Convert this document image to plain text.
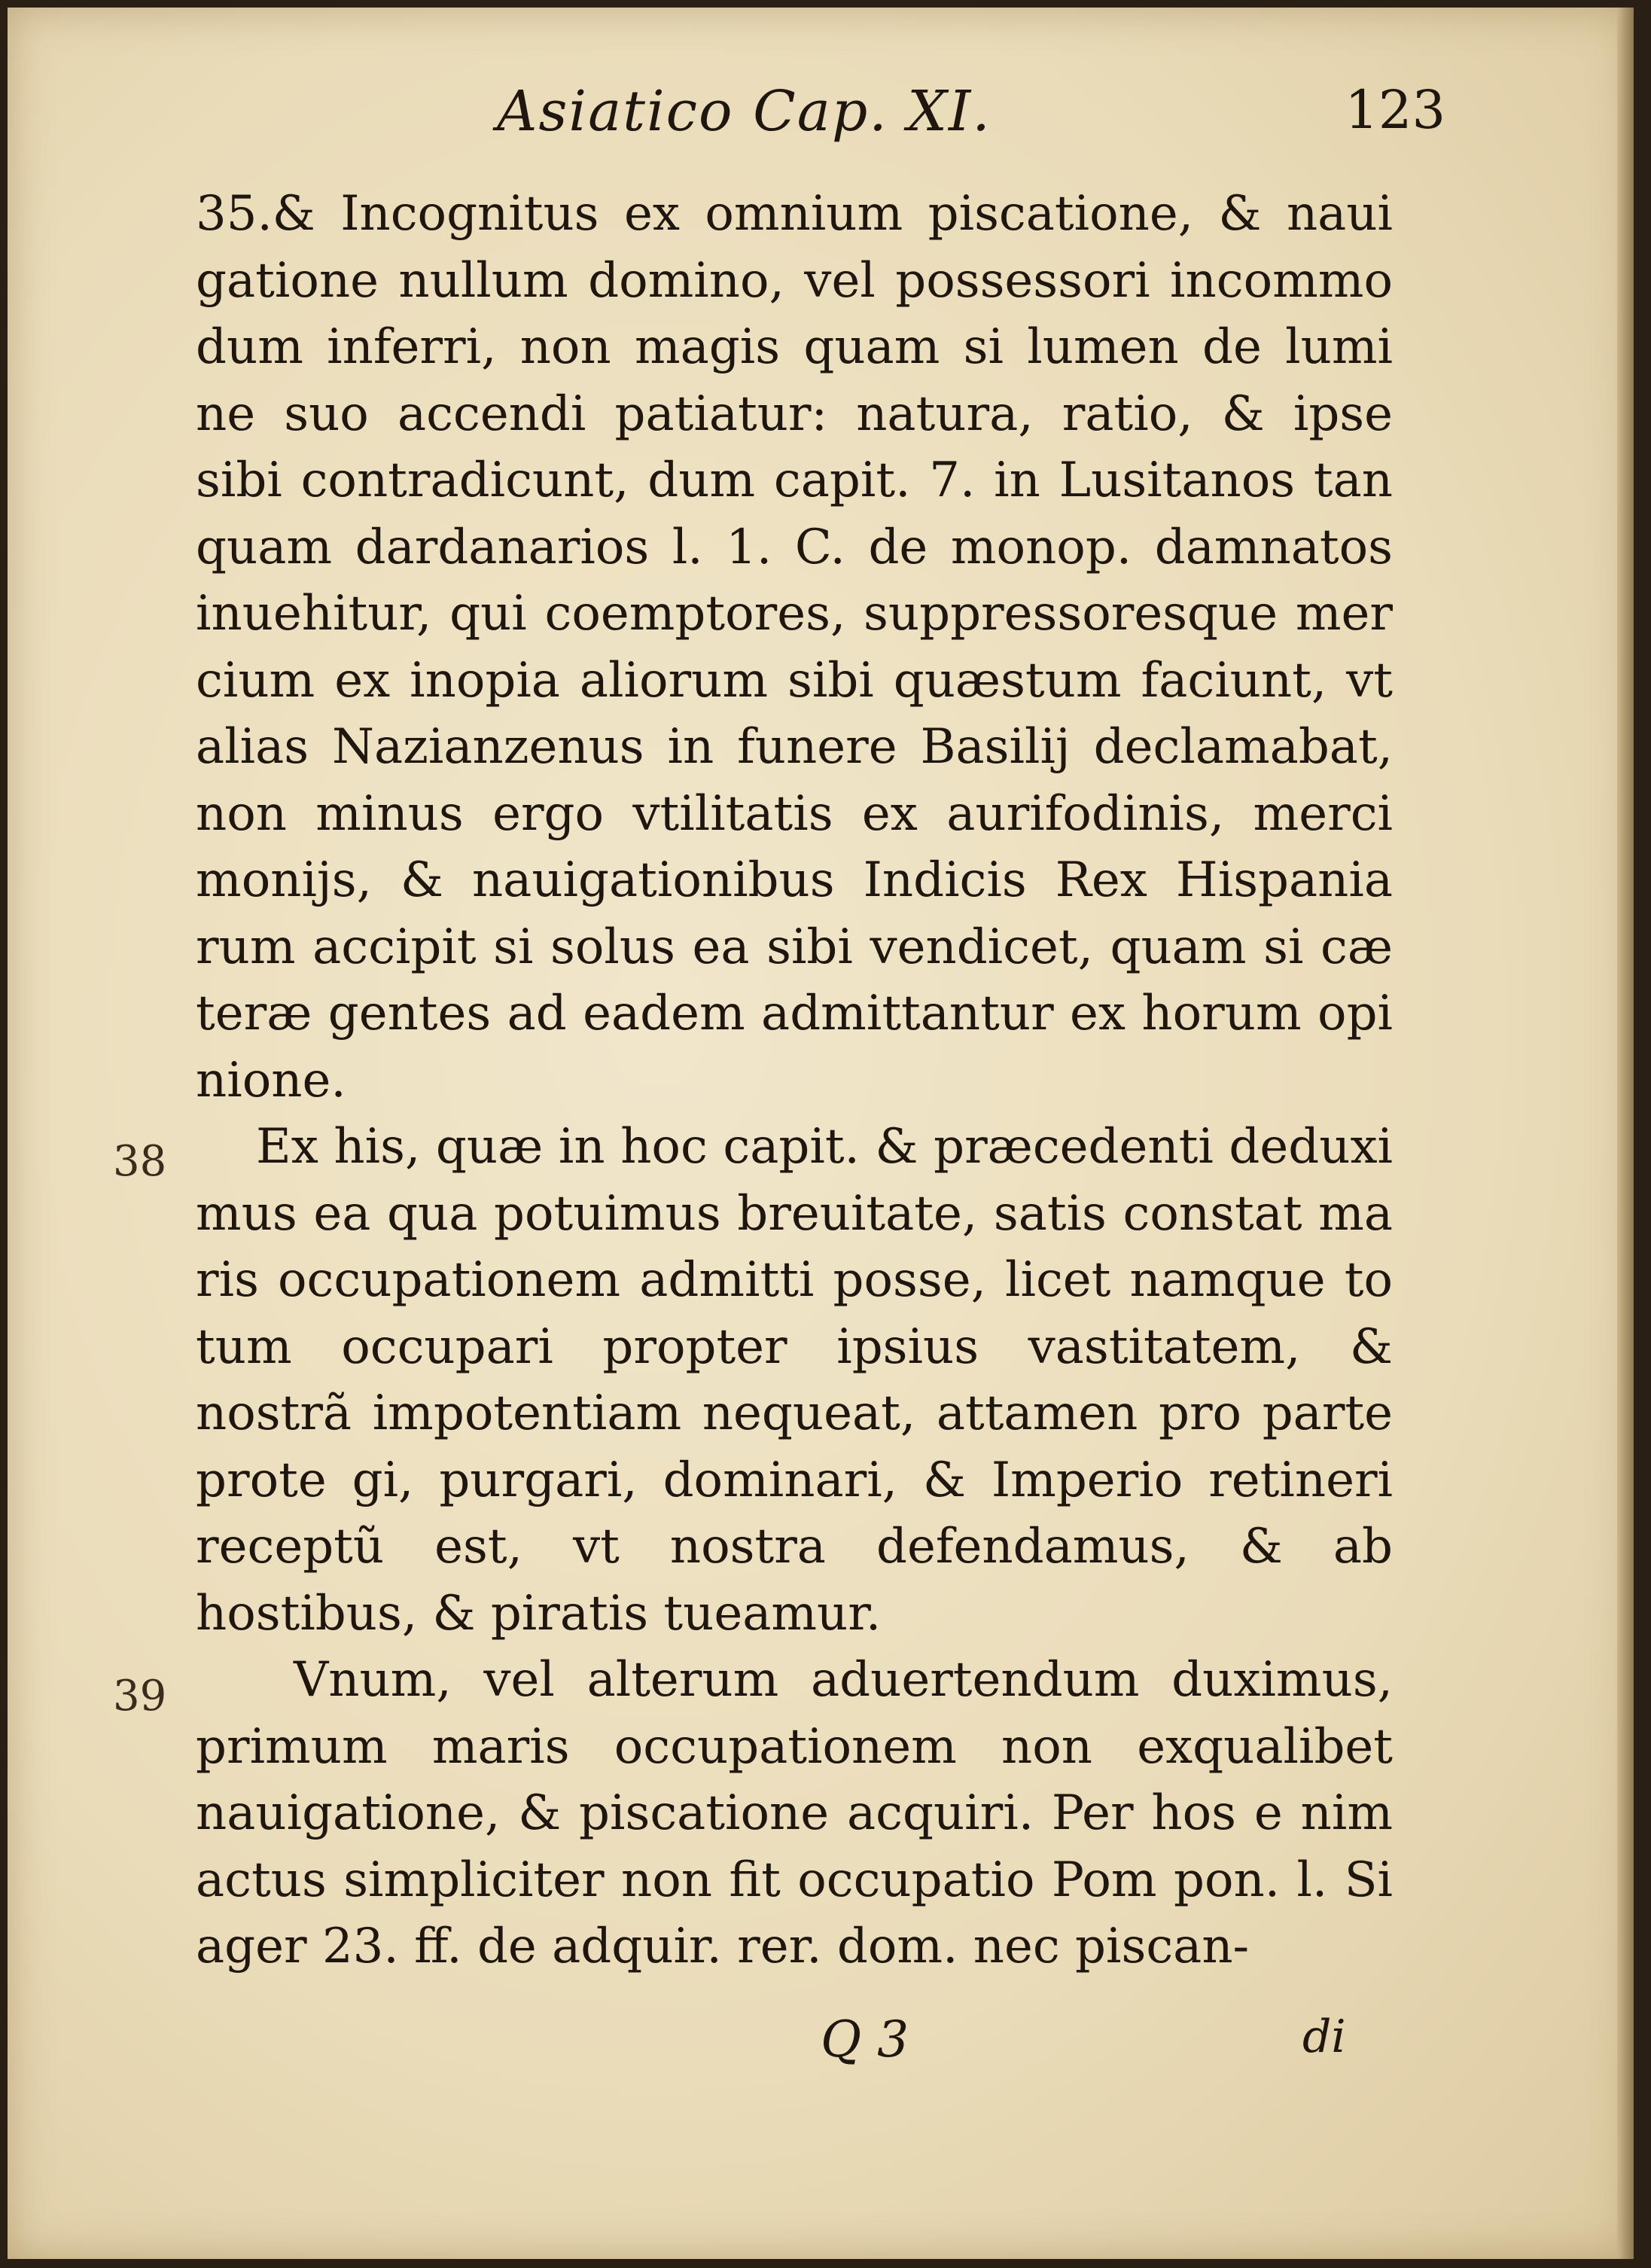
Asiatico Cap. XI.	123
38
39

35.& Incognitus ex omnium piscatione, & naui gatione nullum domino, vel possessori incommo dum inferri, non magis quam si lumen de lumi ne suo accendi patiatur: natura, ratio, & ipse sibi contradicunt, dum capit. 7. in Lusitanos tan quam dardanarios l. 1. C. de monop. damnatos inuehitur, qui coemptores, suppressoresque mer cium ex inopia aliorum sibi quæstum faciunt, vt alias Nazianzenus in funere Basilij declamabat, non minus ergo vtilitatis ex aurifodinis, merci monijs, & nauigationibus Indicis Rex Hispania rum accipit si solus ea sibi vendicet, quam si cæ teræ gentes ad eadem admittantur ex horum opi nione.

Ex his, quæ in hoc capit. & præcedenti deduxi mus ea qua potuimus breuitate, satis constat ma ris occupationem admitti posse, licet namque to tum occupari propter ipsius vastitatem, & nostrã impotentiam nequeat, attamen pro parte prote gi, purgari, dominari, & Imperio retineri receptũ est, vt nostra defendamus, & ab hostibus, & piratis tueamur.

Vnum, vel alterum aduertendum duximus, primum maris occupationem non exqualibet nauigatione, & piscatione acquiri. Per hos e nim actus simpliciter non fit occupatio Pom pon. l. Si ager 23. ff. de adquir. rer. dom. nec piscan-

Q 3	di
